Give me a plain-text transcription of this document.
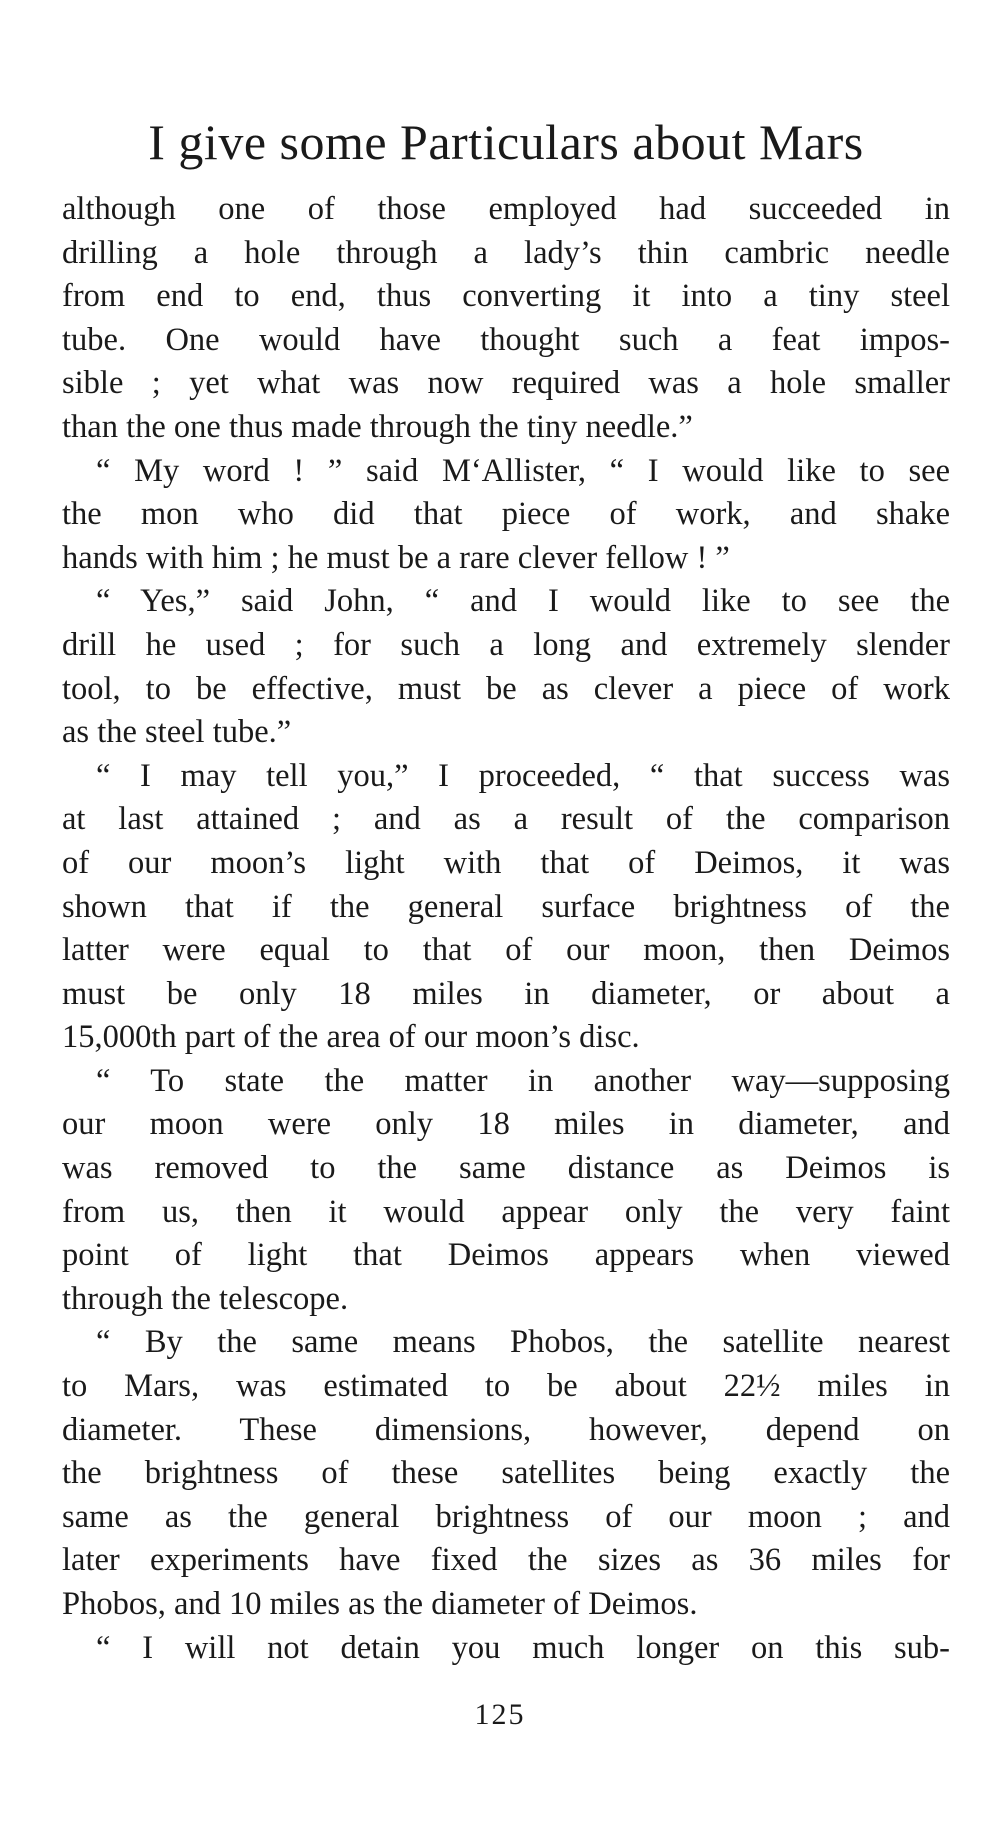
I give some Particulars about Mars

although one of those employed had succeeded in
drilling a hole through a lady’s thin cambric needle
from end to end, thus converting it into a tiny steel
tube. One would have thought such a feat impos-
sible ; yet what was now required was a hole smaller
than the one thus made through the tiny needle.”

“ My word ! ” said M‘Allister, “ I would like to see
the mon who did that piece of work, and shake
hands with him ; he must be a rare clever fellow ! ”

“ Yes,” said John, “ and I would like to see the
drill he used ; for such a long and extremely slender
tool, to be effective, must be as clever a piece of work
as the steel tube.”

“ I may tell you,” I proceeded, “ that success was
at last attained ; and as a result of the comparison
of our moon’s light with that of Deimos, it was
shown that if the general surface brightness of the
latter were equal to that of our moon, then Deimos
must be only 18 miles in diameter, or about a
15,000th part of the area of our moon’s disc.

“ To state the matter in another way—supposing
our moon were only 18 miles in diameter, and
was removed to the same distance as Deimos is
from us, then it would appear only the very faint
point of light that Deimos appears when viewed
through the telescope.

“ By the same means Phobos, the satellite nearest
to Mars, was estimated to be about 22½ miles in
diameter. These dimensions, however, depend on
the brightness of these satellites being exactly the
same as the general brightness of our moon ; and
later experiments have fixed the sizes as 36 miles for
Phobos, and 10 miles as the diameter of Deimos.

“ I will not detain you much longer on this sub-

125
